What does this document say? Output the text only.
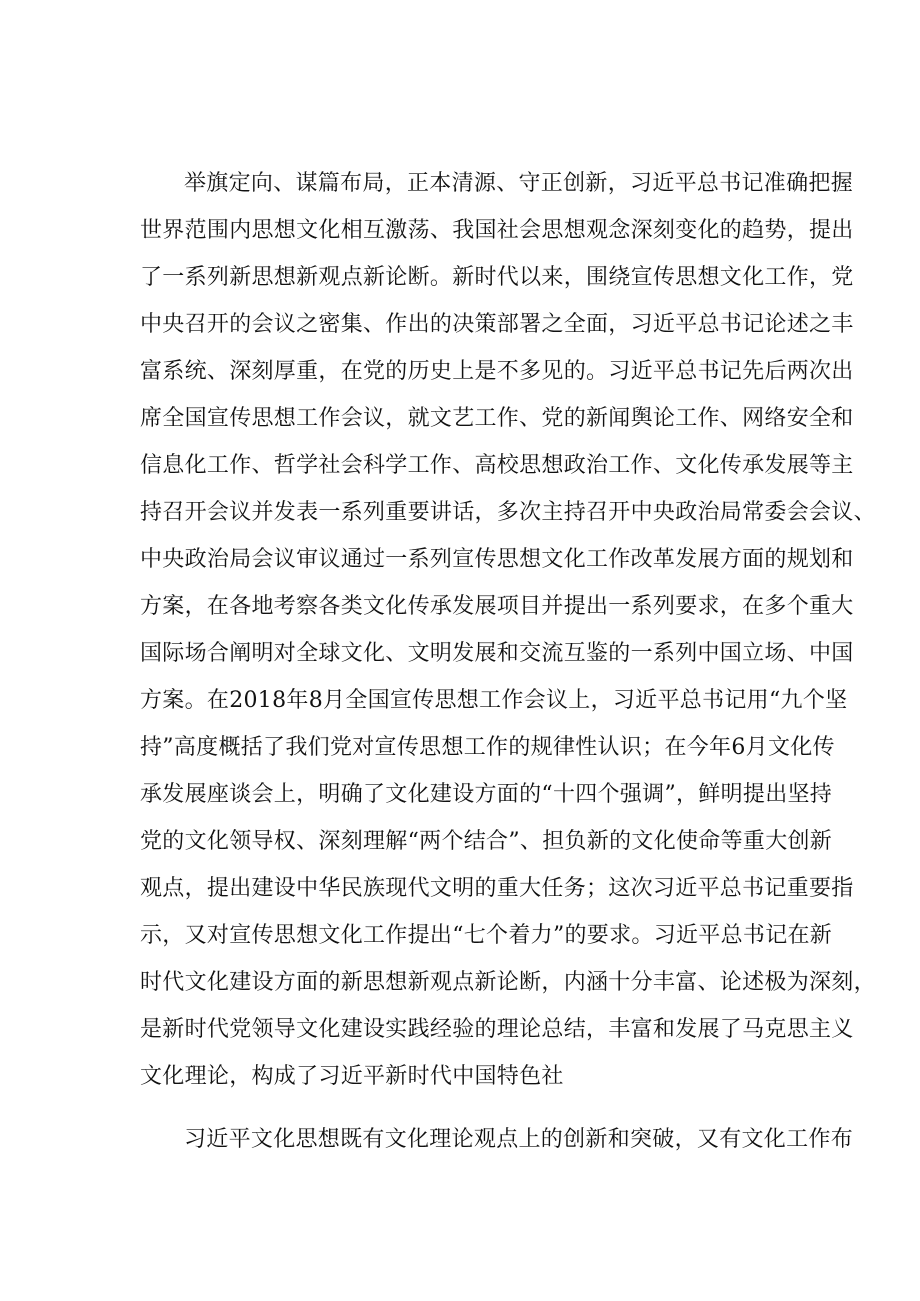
举旗定向、谋篇布局，正本清源、守正创新，习近平总书记准确把握
世界范围内思想文化相互激荡、我国社会思想观念深刻变化的趋势，提出
了一系列新思想新观点新论断。新时代以来，围绕宣传思想文化工作，党
中央召开的会议之密集、作出的决策部署之全面，习近平总书记论述之丰
富系统、深刻厚重，在党的历史上是不多见的。习近平总书记先后两次出
席全国宣传思想工作会议，就文艺工作、党的新闻舆论工作、网络安全和
信息化工作、哲学社会科学工作、高校思想政治工作、文化传承发展等主
持召开会议并发表一系列重要讲话，多次主持召开中央政治局常委会会议、
中央政治局会议审议通过一系列宣传思想文化工作改革发展方面的规划和
方案，在各地考察各类文化传承发展项目并提出一系列要求，在多个重大
国际场合阐明对全球文化、文明发展和交流互鉴的一系列中国立场、中国
方案。在2018年8月全国宣传思想工作会议上，习近平总书记用“九个坚
持”高度概括了我们党对宣传思想工作的规律性认识；在今年6月文化传
承发展座谈会上，明确了文化建设方面的“十四个强调”，鲜明提出坚持
党的文化领导权、深刻理解“两个结合”、担负新的文化使命等重大创新
观点，提出建设中华民族现代文明的重大任务；这次习近平总书记重要指
示，又对宣传思想文化工作提出“七个着力”的要求。习近平总书记在新
时代文化建设方面的新思想新观点新论断，内涵十分丰富、论述极为深刻，
是新时代党领导文化建设实践经验的理论总结，丰富和发展了马克思主义
文化理论，构成了习近平新时代中国特色社
习近平文化思想既有文化理论观点上的创新和突破，又有文化工作布
